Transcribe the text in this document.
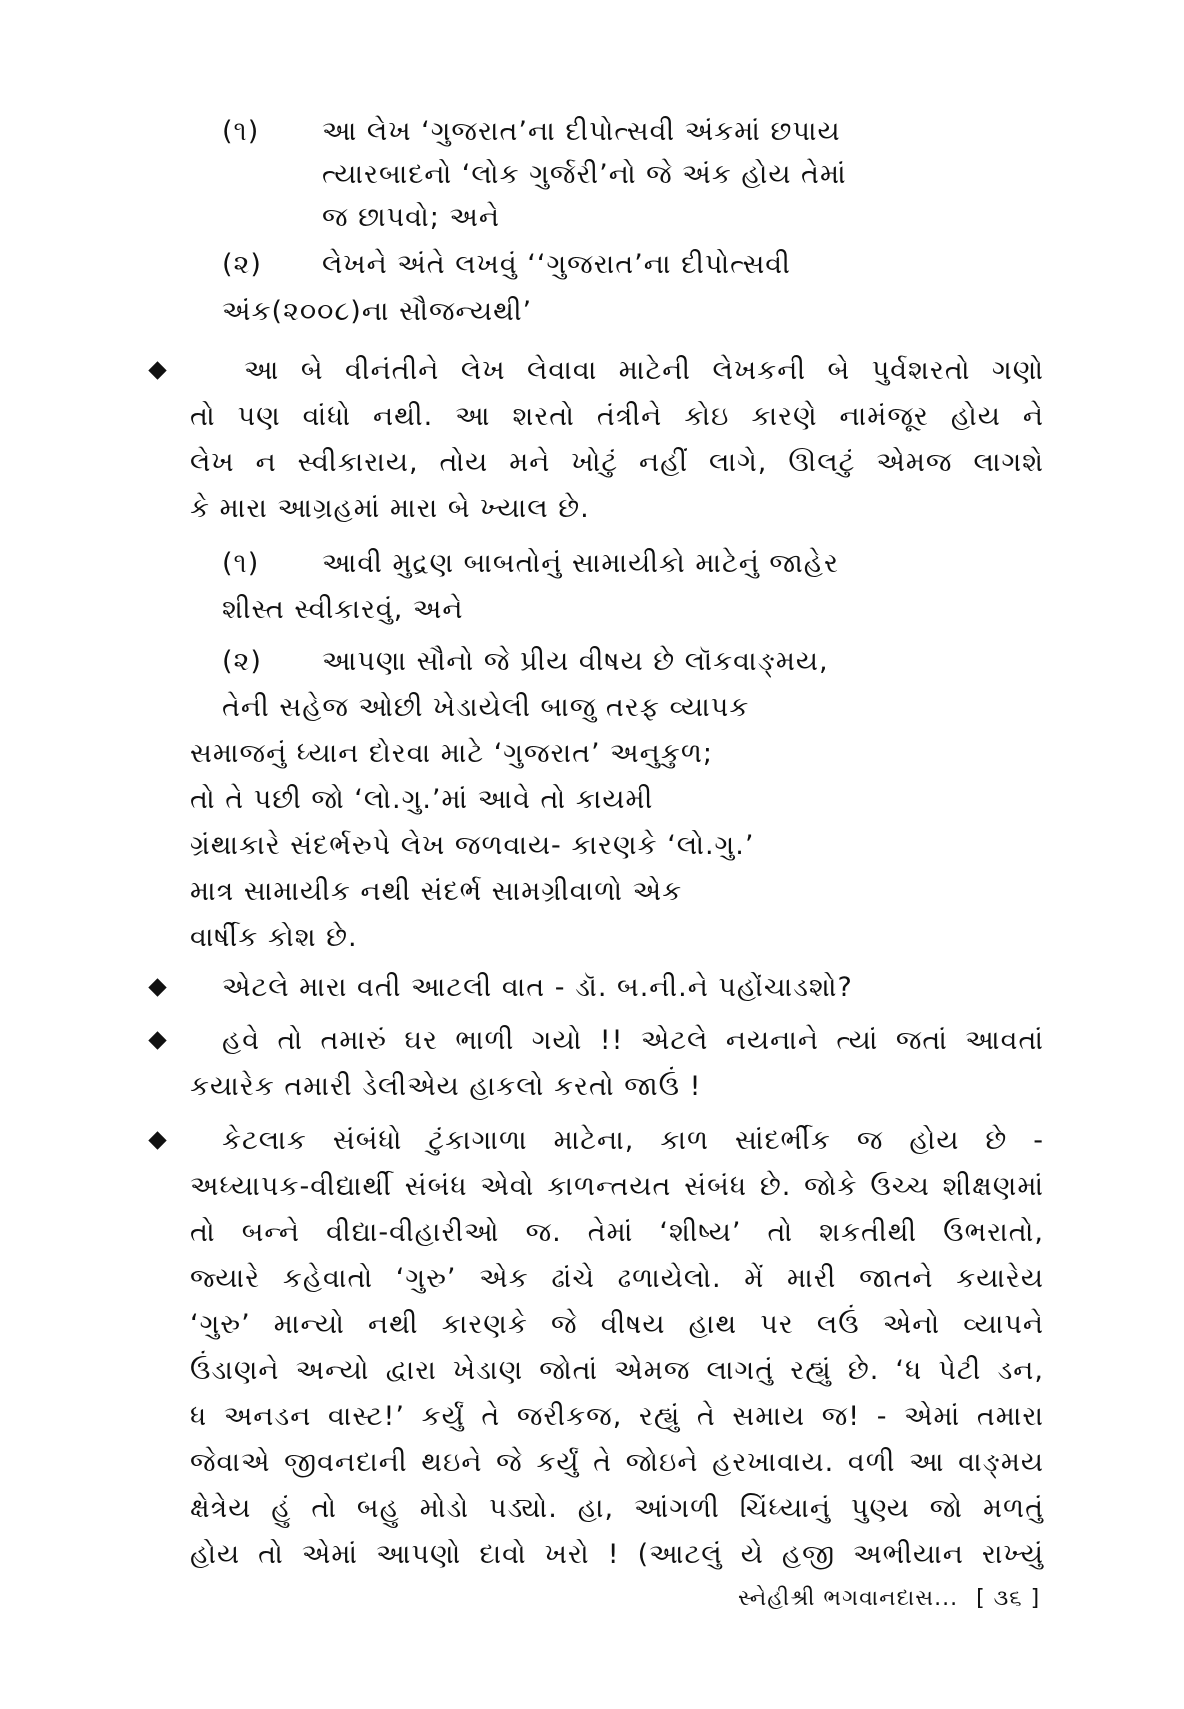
(૧) આ લેખ ‘ગુજરાત’ના દીપોત્સવી અંકમાં છપાય
ત્યારબાદનો ‘લોક ગુર્જરી’નો જે અંક હોય તેમાં
જ છાપવો; અને
(૨) લેખને અંતે લખવું ‘‘ગુજરાત’ના દીપોત્સવી
અંક(૨૦૦૮)ના સૌજન્યથી’
આ બે વીનંતીને લેખ લેવાવા માટેની લેખકની બે પુર્વશરતો ગણો
તો પણ વાંધો નથી. આ શરતો તંત્રીને કોઇ કારણે નામંજૂર હોય ને
લેખ ન સ્વીકારાય, તોય મને ખોટું નહીં લાગે, ઊલટું એમજ લાગશે
કે મારા આગ્રહમાં મારા બે ખ્યાલ છે.
(૧) આવી મુદ્રણ બાબતોનું સામાયીકો માટેનું જાહેર
શીસ્ત સ્વીકારવું, અને
(૨) આપણા સૌનો જે પ્રીય વીષય છે લૉકવાઙ્મય,
તેની સહેજ ઓછી ખેડાયેલી બાજુ તરફ વ્યાપક
સમાજનું ધ્યાન દોરવા માટે ‘ગુજરાત’ અનુકુળ;
તો તે પછી જો ‘લો.ગુ.’માં આવે તો કાયમી
ગ્રંથાકારે સંદર્ભરુપે લેખ જળવાય- કારણકે ‘લો.ગુ.’
માત્ર સામાયીક નથી સંદર્ભ સામગ્રીવાળો એક
વાર્ષીક કોશ છે.
એટલે મારા વતી આટલી વાત - ડૉ. બ.ની.ને પહોંચાડશો?
હવે તો તમારું ઘર ભાળી ગયો !! એટલે નયનાને ત્યાં જતાં આવતાં
કયારેક તમારી ડેલીએય હાકલો કરતો જાઉં !
કેટલાક સંબંધો ટુંકાગાળા માટેના, કાળ સાંદર્ભીક જ હોય છે -
અધ્યાપક-વીદ્યાર્થી સંબંધ એવો કાળન્તયત સંબંધ છે. જોકે ઉચ્ચ શીક્ષણમાં
તો બન્ને વીદ્યા-વીહારીઓ જ. તેમાં ‘શીષ્ય’ તો શકતીથી ઉભરાતો,
જ્યારે કહેવાતો ‘ગુરુ’ એક ઢાંચે ઢળાયેલો. મેં મારી જાતને કયારેય
‘ગુરુ’ માન્યો નથી કારણકે જે વીષય હાથ પર લઉં એનો વ્યાપને
ઉંડાણને અન્યો દ્વારા ખેડાણ જોતાં એમજ લાગતું રહ્યું છે. ‘ધ પેટી ડન,
ધ અનડન વાસ્ટ!’ કર્યું તે જરીકજ, રહ્યું તે સમાય જ! - એમાં તમારા
જેવાએ જીવનદાની થઇને જે કર્યું તે જોઇને હરખાવાય. વળી આ વાઙ્મય
ક્ષેત્રેય હું તો બહુ મોડો પડ્યો. હા, આંગળી ચિંધ્યાનું પુણ્ય જો મળતું
હોય તો એમાં આપણો દાવો ખરો ! (આટલું યે હજી અભીયાન રાખ્યું
સ્નેહીશ્રી ભગવાનદાસ... [ ૩૬ ]
